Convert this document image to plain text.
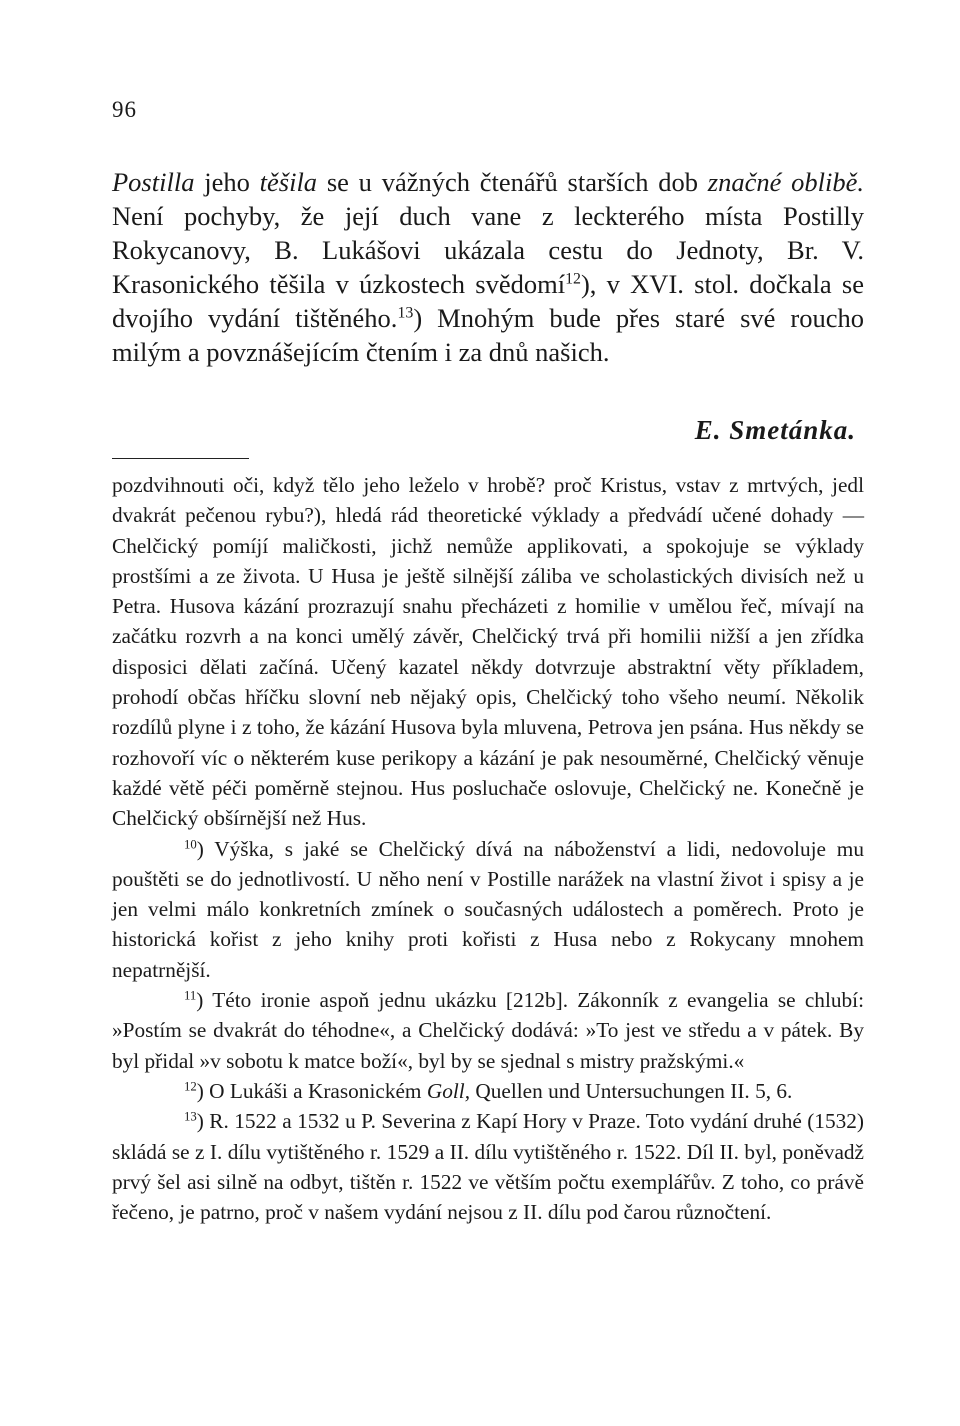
96
Postilla jeho těšila se u vážných čtenářů starších dob značné oblibě. Není pochyby, že její duch vane z leckterého místa Postilly Rokycanovy, B. Lukášovi ukázala cestu do Jednoty, Br. V. Krasonického těšila v úzkostech svědomí$^{12}$), v XVI. stol. dočkala se dvojího vydání tištěného.$^{13}$) Mnohým bude přes staré své roucho milým a povznášejícím čtením i za dnů našich.
E. Smetánka.

pozdvihnouti oči, když tělo jeho leželo v hrobě? proč Kristus, vstav z mrtvých, jedl dvakrát pečenou rybu?), hledá rád theoretické výklady a předvádí učené dohady — Chelčický pomíjí maličkosti, jichž nemůže applikovati, a spokojuje se výklady prostšími a ze života. U Husa je ještě silnější záliba ve scholastických divisích než u Petra. Husova kázání prozrazují snahu přecházeti z homilie v umělou řeč, mívají na začátku rozvrh a na konci umělý závěr, Chelčický trvá při homilii nižší a jen zřídka disposici dělati začíná. Učený kazatel někdy dotvrzuje abstraktní věty příkladem, prohodí občas hříčku slovní neb nějaký opis, Chelčický toho všeho neumí. Několik rozdílů plyne i z toho, že kázání Husova byla mluvena, Petrova jen psána. Hus někdy se rozhovoří víc o některém kuse perikopy a kázání je pak nesouměrné, Chelčický věnuje každé větě péči poměrně stejnou. Hus posluchače oslovuje, Chelčický ne. Konečně je Chelčický obšírnější než Hus.

$^{10}$) Výška, s jaké se Chelčický dívá na náboženství a lidi, nedovoluje mu pouštěti se do jednotlivostí. U něho není v Postille narážek na vlastní život i spisy a je jen velmi málo konkretních zmínek o současných událostech a poměrech. Proto je historická kořist z jeho knihy proti kořisti z Husa nebo z Rokycany mnohem nepatrnější.

$^{11}$) Této ironie aspoň jednu ukázku [212b]. Zákonník z evangelia se chlubí: »Postím se dvakrát do téhodne«, a Chelčický dodává: »To jest ve středu a v pátek. By byl přidal »v sobotu k matce boží«, byl by se sjednal s mistry pražskými.«

$^{12}$) O Lukáši a Krasonickém Goll, Quellen und Untersuchungen II. 5, 6.

$^{13}$) R. 1522 a 1532 u P. Severina z Kapí Hory v Praze. Toto vydání druhé (1532) skládá se z I. dílu vytištěného r. 1529 a II. dílu vytištěného r. 1522. Díl II. byl, poněvadž prvý šel asi silně na odbyt, tištěn r. 1522 ve větším počtu exemplářův. Z toho, co právě řečeno, je patrno, proč v našem vydání nejsou z II. dílu pod čarou různočtení.
